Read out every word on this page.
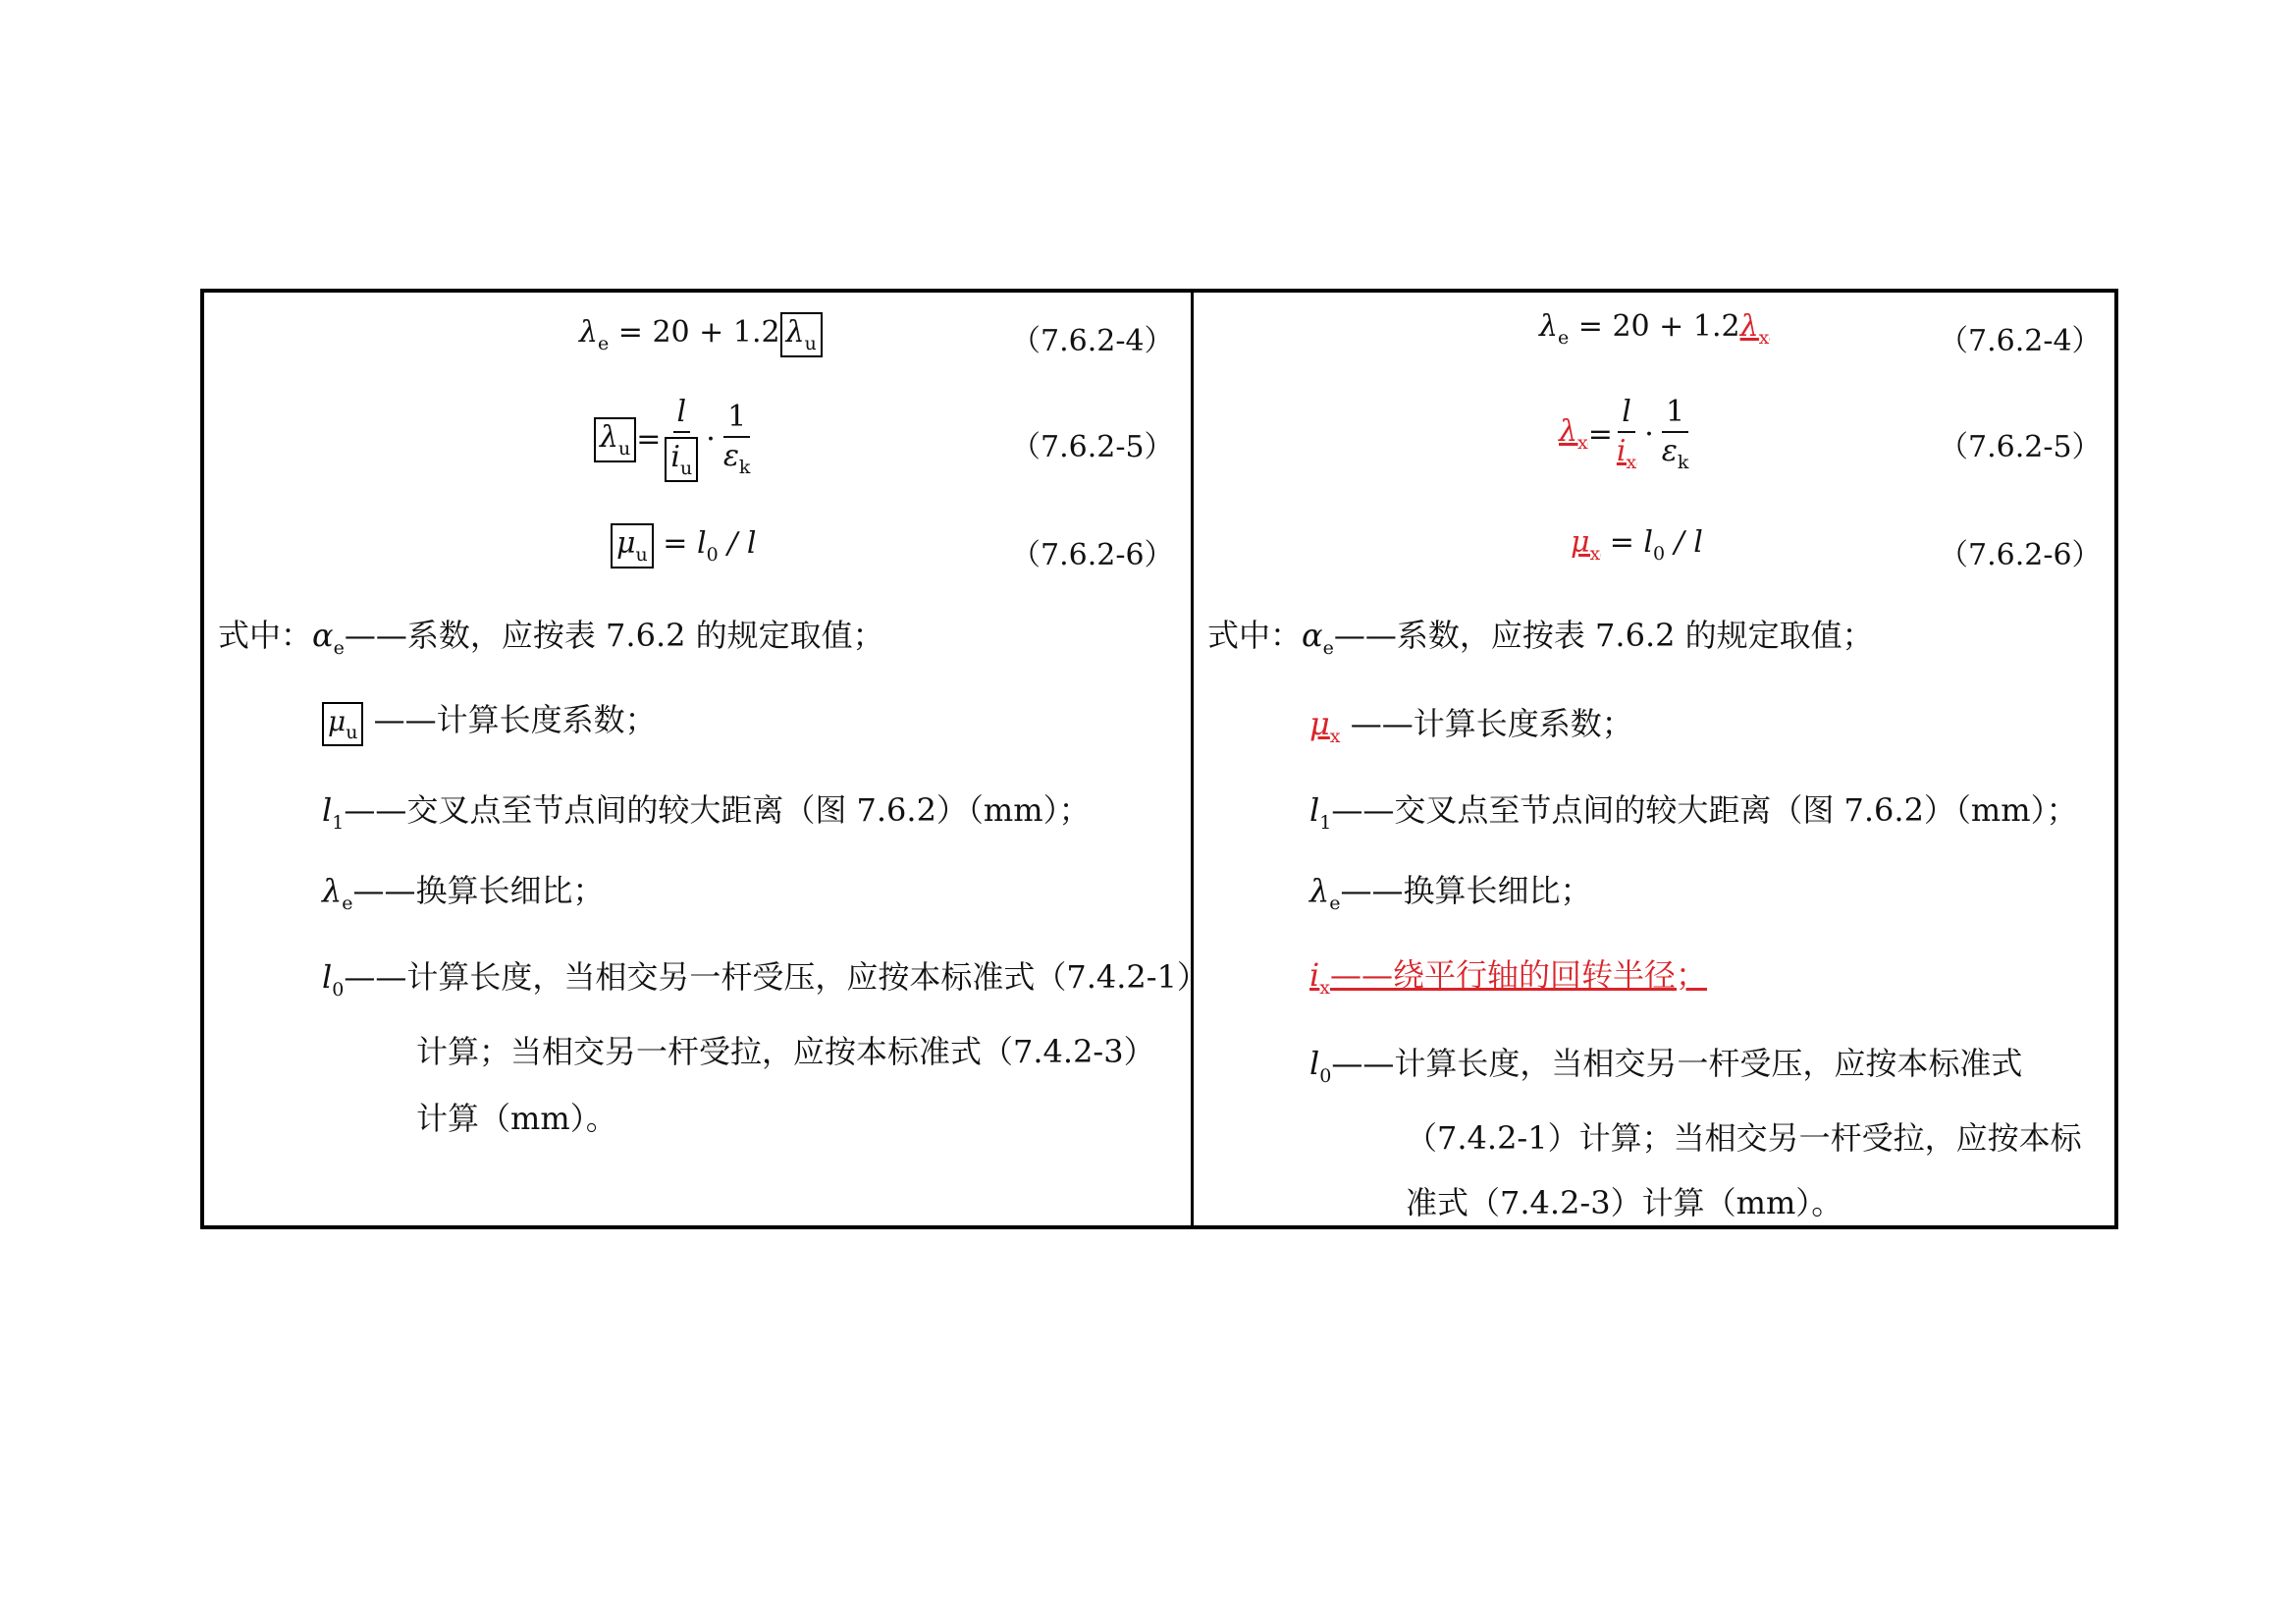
$\lambda_e = 20 + 1.2$ $\lambda_u$	（7.6.2-4）
$\lambda_u = \frac{l}{i_u} \cdot \frac{1}{\varepsilon_k}$	（7.6.2-5）
$\mu_u = l_0 / l$	（7.6.2-6）
式中：$\alpha_e——$系数，应按表 7.6.2 的规定取值；
$\mu_u$ ——计算长度系数；
$l_1——$交叉点至节点间的较大距离（图 7.6.2）（mm）；
$\lambda_e——$换算长细比；
$l_0——$计算长度，当相交另一杆受压，应按本标准式（7.4.2-1）
计算；当相交另一杆受拉，应按本标准式（7.4.2-3）
计算（mm）。
$\lambda_e = 20 + 1.2\lambda_x$	（7.6.2-4）
$\lambda_x = \frac{l}{i_x} \cdot \frac{1}{\varepsilon_k}$	（7.6.2-5）
$\mu_x = l_0 / l$	（7.6.2-6）
式中：$\alpha_e——$系数，应按表 7.6.2 的规定取值；
$\mu_x$ ——计算长度系数；
$l_1——$交叉点至节点间的较大距离（图 7.6.2）（mm）；
$\lambda_e——$换算长细比；
$i_x——$绕平行轴的回转半径；
$l_0——$计算长度，当相交另一杆受压，应按本标准式
（7.4.2-1）计算；当相交另一杆受拉，应按本标
准式（7.4.2-3）计算（mm）。
